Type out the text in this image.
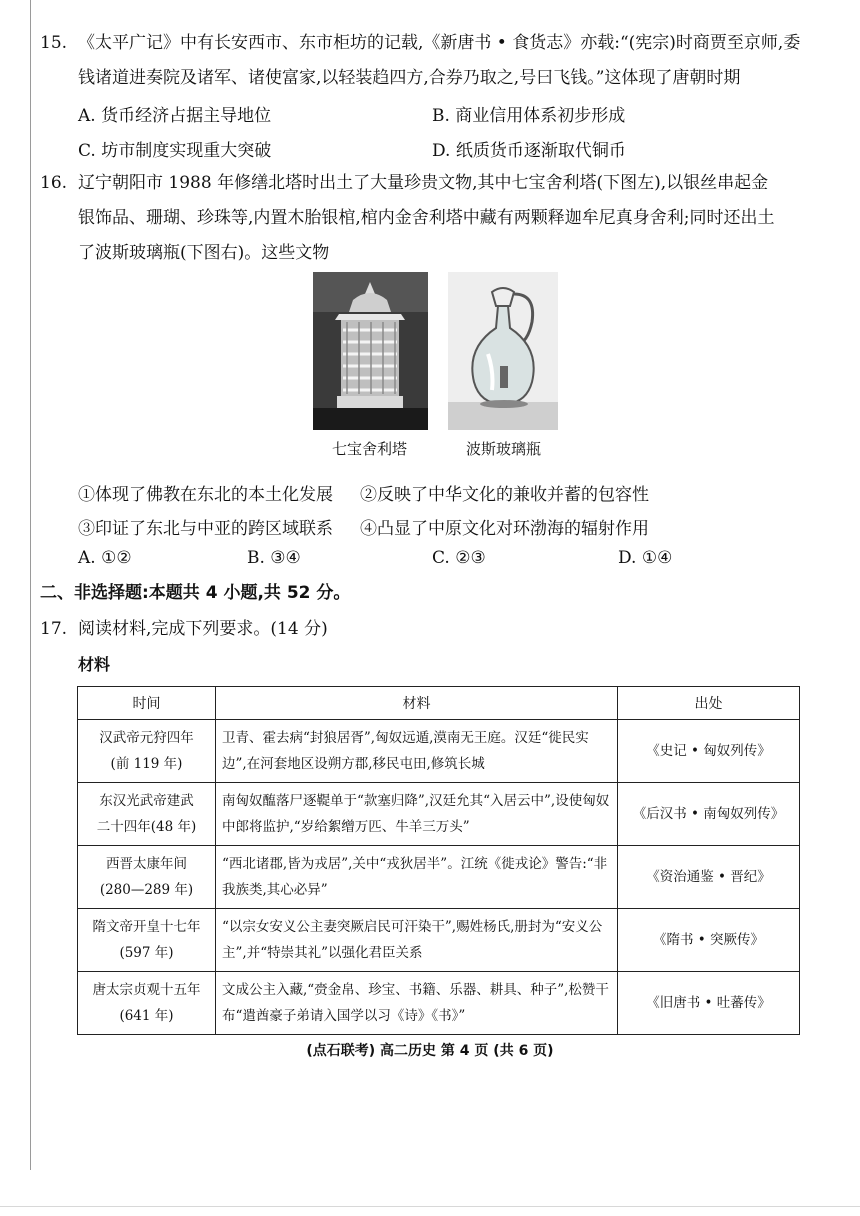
15. 《太平广记》中有长安西市、东市柜坊的记载,《新唐书 • 食货志》亦载:“(宪宗)时商贾至京师,委
钱诸道进奏院及诸军、诸使富家,以轻装趋四方,合券乃取之,号曰飞钱。”这体现了唐朝时期
A. 货币经济占据主导地位	B. 商业信用体系初步形成
C. 坊市制度实现重大突破	D. 纸质货币逐渐取代铜币
16. 辽宁朝阳市 1988 年修缮北塔时出土了大量珍贵文物,其中七宝舍利塔(下图左),以银丝串起金
银饰品、珊瑚、珍珠等,内置木胎银棺,棺内金舍利塔中藏有两颗释迦牟尼真身舍利;同时还出土
了波斯玻璃瓶(下图右)。这些文物
七宝舍利塔	波斯玻璃瓶
①体现了佛教在东北的本土化发展 ②反映了中华文化的兼收并蓄的包容性
③印证了东北与中亚的跨区域联系 ④凸显了中原文化对环渤海的辐射作用
A. ①②	B. ③④	C. ②③	D. ①④
二、非选择题:本题共 4 小题,共 52 分。
17. 阅读材料,完成下列要求。(14 分)
材料
时间	材料	出处

汉武帝元狩四年
(前 119 年)	卫青、霍去病“封狼居胥”,匈奴远遁,漠南无王庭。汉廷“徙民实边”,在河套地区设朔方郡,移民屯田,修筑长城	《史记 • 匈奴列传》

东汉光武帝建武
二十四年(48 年)	南匈奴醢落尸逐鞮单于“款塞归降”,汉廷允其“入居云中”,设使匈奴中郎将监护,“岁给絮缯万匹、牛羊三万头”	《后汉书 • 南匈奴列传》

西晋太康年间
(280—289 年)	“西北诸郡,皆为戎居”,关中“戎狄居半”。江统《徙戎论》警告:“非我族类,其心必异”	《资治通鉴 • 晋纪》

隋文帝开皇十七年
(597 年)	“以宗女安义公主妻突厥启民可汗染干”,赐姓杨氏,册封为“安义公主”,并“特崇其礼”以强化君臣关系	《隋书 • 突厥传》

唐太宗贞观十五年
(641 年)	文成公主入藏,“赍金帛、珍宝、书籍、乐器、耕具、种子”,松赞干布“遣酋豪子弟请入国学以习《诗》《书》”	《旧唐书 • 吐蕃传》
(点石联考) 高二历史 第 4 页 (共 6 页)
